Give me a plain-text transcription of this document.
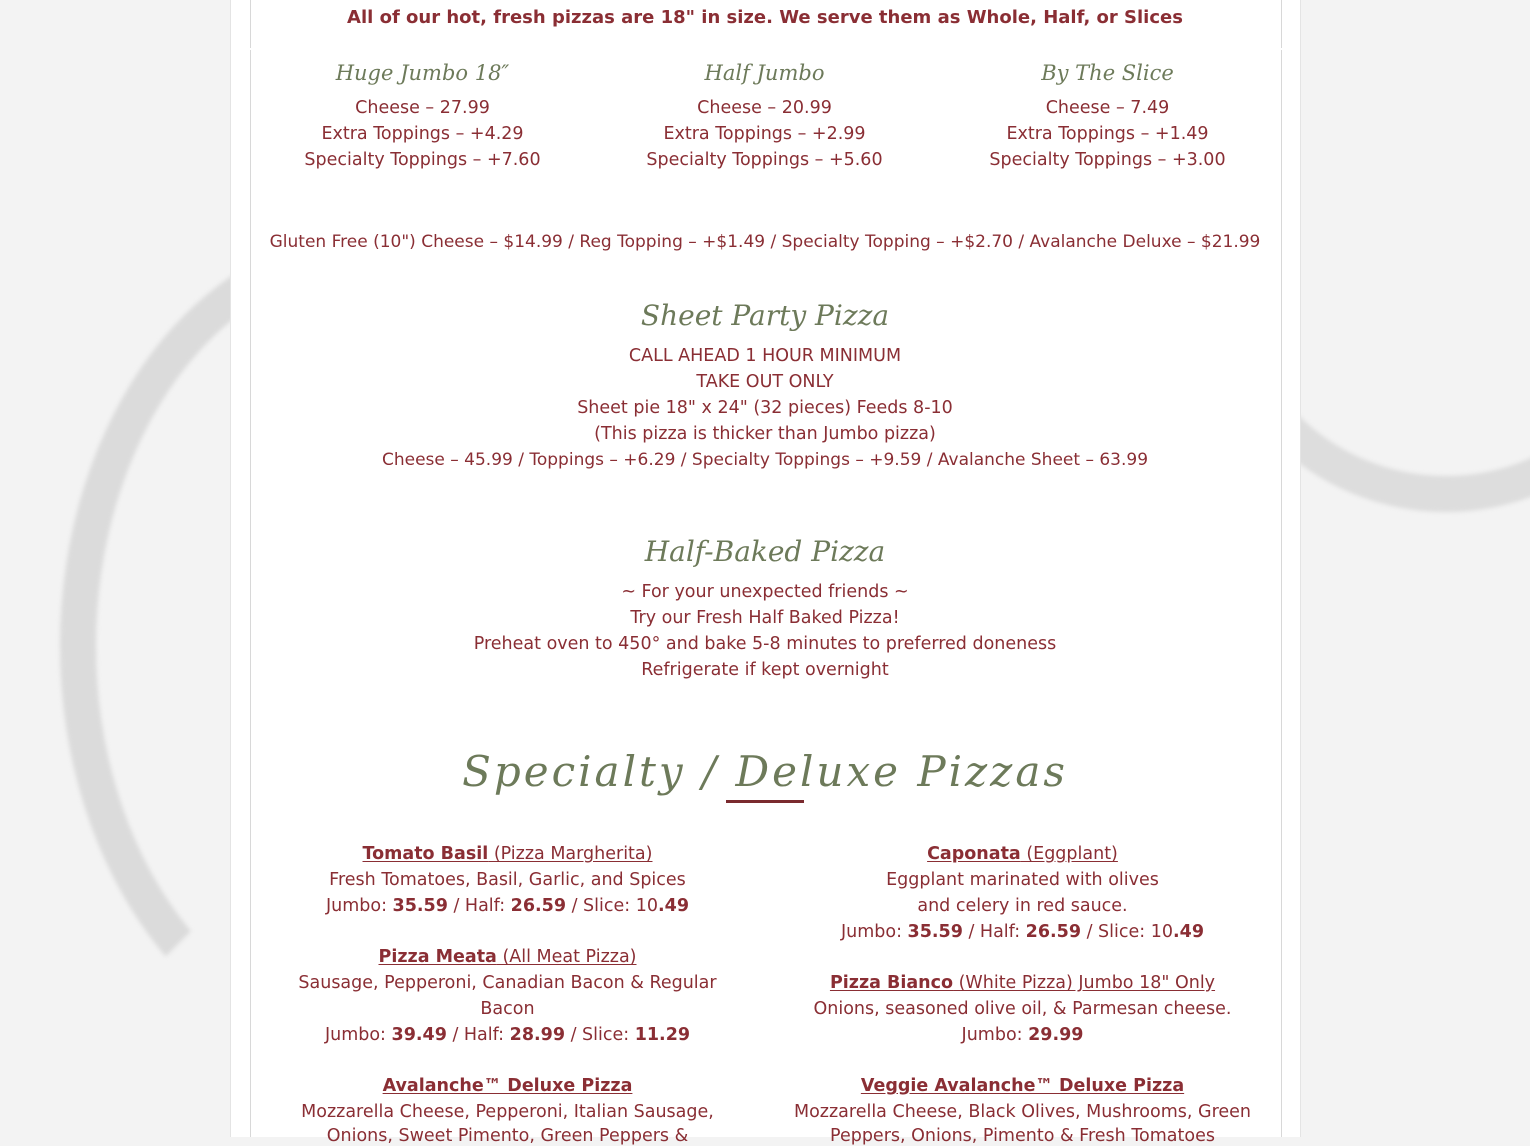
All of our hot, fresh pizzas are 18" in size. We serve them as Whole, Half, or Slices
Huge Jumbo 18″
Cheese – 27.99
Extra Toppings – +4.29
Specialty Toppings – +7.60
Half Jumbo
Cheese – 20.99
Extra Toppings – +2.99
Specialty Toppings – +5.60
By The Slice
Cheese – 7.49
Extra Toppings – +1.49
Specialty Toppings – +3.00
Gluten Free (10") Cheese – $14.99 / Reg Topping – +$1.49 / Specialty Topping – +$2.70 / Avalanche Deluxe – $21.99
Sheet Party Pizza
CALL AHEAD 1 HOUR MINIMUM
TAKE OUT ONLY
Sheet pie 18" x 24" (32 pieces) Feeds 8-10
(This pizza is thicker than Jumbo pizza)
Cheese – 45.99 / Toppings – +6.29 / Specialty Toppings – +9.59 / Avalanche Sheet – 63.99
Half-Baked Pizza
~ For your unexpected friends ~
Try our Fresh Half Baked Pizza!
Preheat oven to 450° and bake 5-8 minutes to preferred doneness
Refrigerate if kept overnight
Specialty / Deluxe Pizzas
Tomato Basil (Pizza Margherita)
Fresh Tomatoes, Basil, Garlic, and Spices
Jumbo: 35.59 / Half: 26.59 / Slice: 10.49
Caponata (Eggplant)
Eggplant marinated with olives
and celery in red sauce.
Jumbo: 35.59 / Half: 26.59 / Slice: 10.49
Pizza Meata (All Meat Pizza)
Sausage, Pepperoni, Canadian Bacon & Regular
Bacon
Jumbo: 39.49 / Half: 28.99 / Slice: 11.29
Pizza Bianco (White Pizza) Jumbo 18" Only
Onions, seasoned olive oil, & Parmesan cheese.
Jumbo: 29.99
Avalanche™ Deluxe Pizza
Mozzarella Cheese, Pepperoni, Italian Sausage,
Onions, Sweet Pimento, Green Peppers &
Veggie Avalanche™ Deluxe Pizza
Mozzarella Cheese, Black Olives, Mushrooms, Green
Peppers, Onions, Pimento & Fresh Tomatoes
